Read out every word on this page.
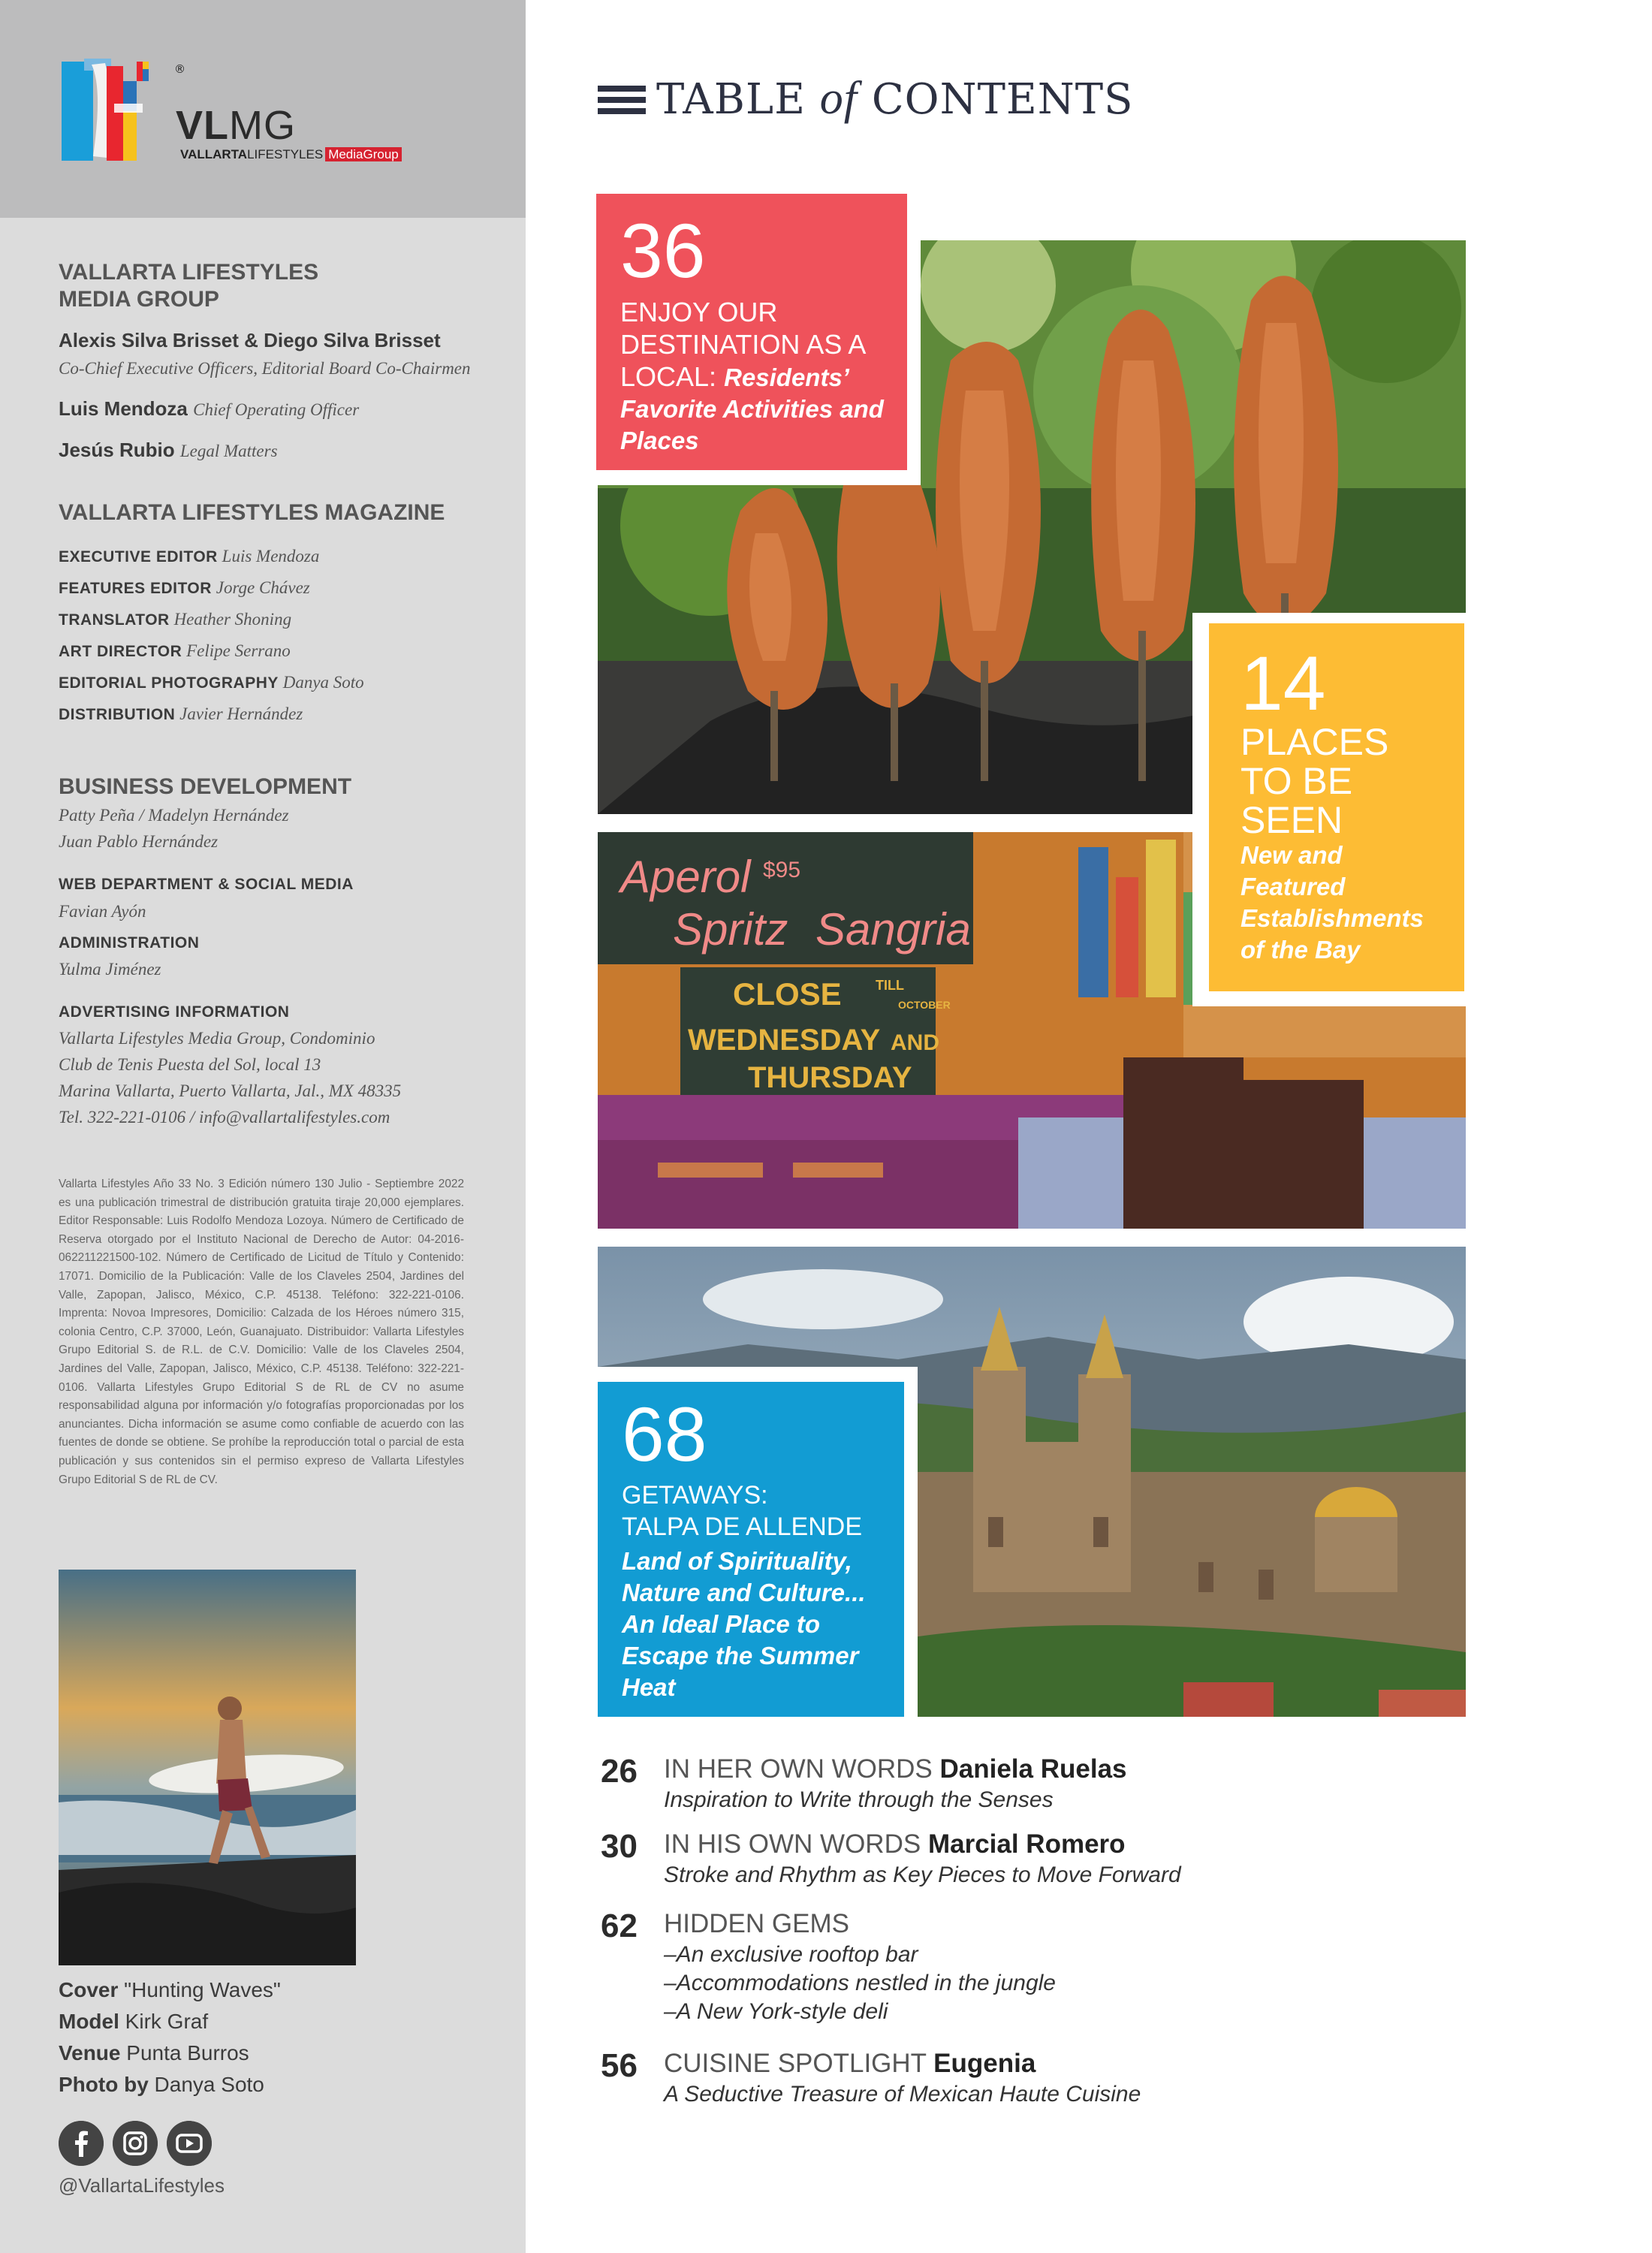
®
VLMG
VALLARTALIFESTYLES MediaGroup
VALLARTA LIFESTYLES
MEDIA GROUP
Alexis Silva Brisset & Diego Silva Brisset
Co-Chief Executive Officers, Editorial Board Co-Chairmen
Luis Mendoza Chief Operating Officer
Jesús Rubio Legal Matters
VALLARTA LIFESTYLES MAGAZINE
EXECUTIVE EDITOR Luis Mendoza
FEATURES EDITOR Jorge Chávez
TRANSLATOR Heather Shoning
ART DIRECTOR Felipe Serrano
EDITORIAL PHOTOGRAPHY Danya Soto
DISTRIBUTION Javier Hernández
BUSINESS DEVELOPMENT
Patty Peña / Madelyn Hernández
Juan Pablo Hernández
WEB DEPARTMENT & SOCIAL MEDIA
Favian Ayón
ADMINISTRATION
Yulma Jiménez
ADVERTISING INFORMATION
Vallarta Lifestyles Media Group, Condominio
Club de Tenis Puesta del Sol, local 13
Marina Vallarta, Puerto Vallarta, Jal., MX 48335
Tel. 322-221-0106 / info@vallartalifestyles.com
Vallarta Lifestyles Año 33 No. 3 Edición número 130 Julio - Septiembre 2022 es una publicación trimestral de distribución gratuita tiraje 20,000 ejemplares. Editor Responsable: Luis Rodolfo Mendoza Lozoya. Número de Certificado de Reserva otorgado por el Instituto Nacional de Derecho de Autor: 04-2016-062211221500-102. Número de Certificado de Licitud de Título y Contenido: 17071. Domicilio de la Publicación: Valle de los Claveles 2504, Jardines del Valle, Zapopan, Jalisco, México, C.P. 45138. Teléfono: 322-221-0106. Imprenta: Novoa Impresores, Domicilio: Calzada de los Héroes número 315, colonia Centro, C.P. 37000, León, Guanajuato. Distribuidor: Vallarta Lifestyles Grupo Editorial S. de R.L. de C.V. Domicilio: Valle de los Claveles 2504, Jardines del Valle, Zapopan, Jalisco, México, C.P. 45138. Teléfono: 322-221-0106. Vallarta Lifestyles Grupo Editorial S de RL de CV no asume responsabilidad alguna por información y/o fotografías proporcionadas por los anunciantes. Dicha información se asume como confiable de acuerdo con las fuentes de donde se obtiene. Se prohíbe la reproducción total o parcial de esta publicación y sus contenidos sin el permiso expreso de Vallarta Lifestyles Grupo Editorial S de RL de CV.
Cover "Hunting Waves"
Model Kirk Graf
Venue Punta Burros
Photo by Danya Soto
@VallartaLifestyles
TABLE of CONTENTS
36
ENJOY OUR
DESTINATION AS A
LOCAL: Residents’
Favorite Activities and
Places
Aperol
Spritz Sangria
$95
CLOSE	TILL
OCTOBER
WEDNESDAY AND
THURSDAY
14
PLACES
TO BE
SEEN
New and
Featured
Establishments
of the Bay
68
GETAWAYS:
TALPA DE ALLENDE
Land of Spirituality,
Nature and Culture...
An Ideal Place to
Escape the Summer
Heat
26 IN HER OWN WORDS Daniela Ruelas
Inspiration to Write through the Senses
30 IN HIS OWN WORDS Marcial Romero
Stroke and Rhythm as Key Pieces to Move Forward
62 HIDDEN GEMS
–An exclusive rooftop bar
–Accommodations nestled in the jungle
–A New York-style deli
56 CUISINE SPOTLIGHT Eugenia
A Seductive Treasure of Mexican Haute Cuisine
